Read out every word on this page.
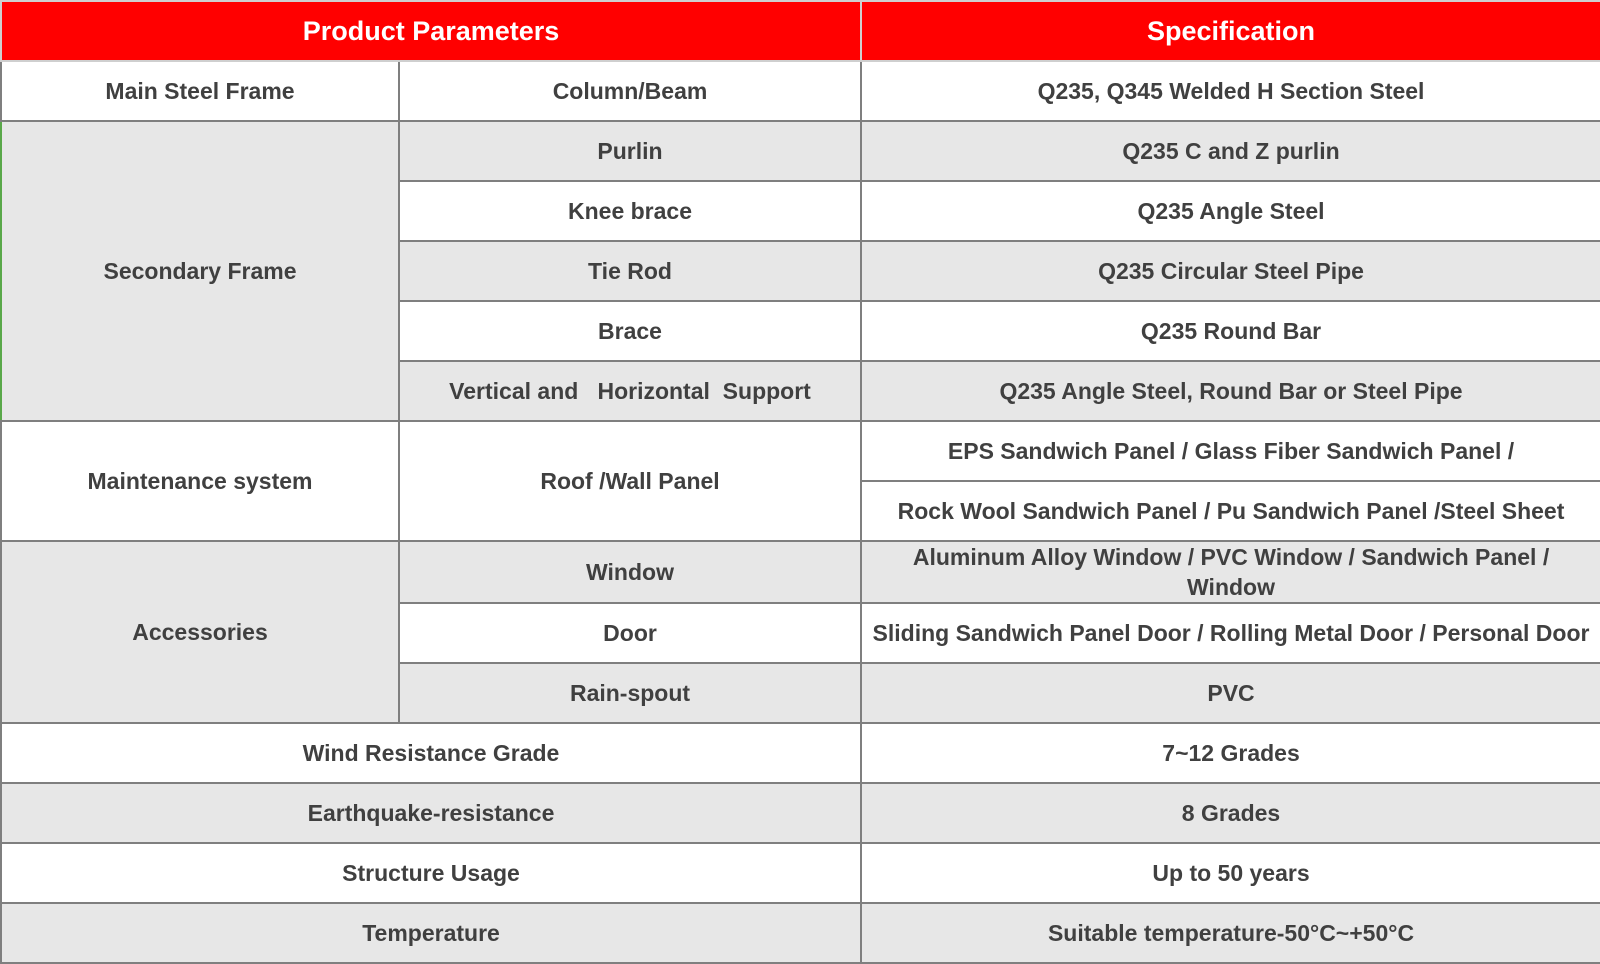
Product Parameters		Specification
Main Steel Frame	Column/Beam	Q235, Q345 Welded H Section Steel
Secondary Frame	Purlin	Q235 C and Z purlin
	Knee brace	Q235 Angle Steel
	Tie Rod	Q235 Circular Steel Pipe
	Brace	Q235 Round Bar
	Vertical and   Horizontal  Support	Q235 Angle Steel, Round Bar or Steel Pipe
Maintenance system	Roof /Wall Panel	EPS Sandwich Panel / Glass Fiber Sandwich Panel /
		Rock Wool Sandwich Panel / Pu Sandwich Panel /Steel Sheet
Accessories	Window	Aluminum Alloy Window / PVC Window / Sandwich Panel / Window
	Door	Sliding Sandwich Panel Door / Rolling Metal Door / Personal Door
	Rain-spout	PVC
Wind Resistance Grade		7~12 Grades
Earthquake-resistance		8 Grades
Structure Usage		Up to 50 years
Temperature		Suitable temperature-50°C~+50°C
